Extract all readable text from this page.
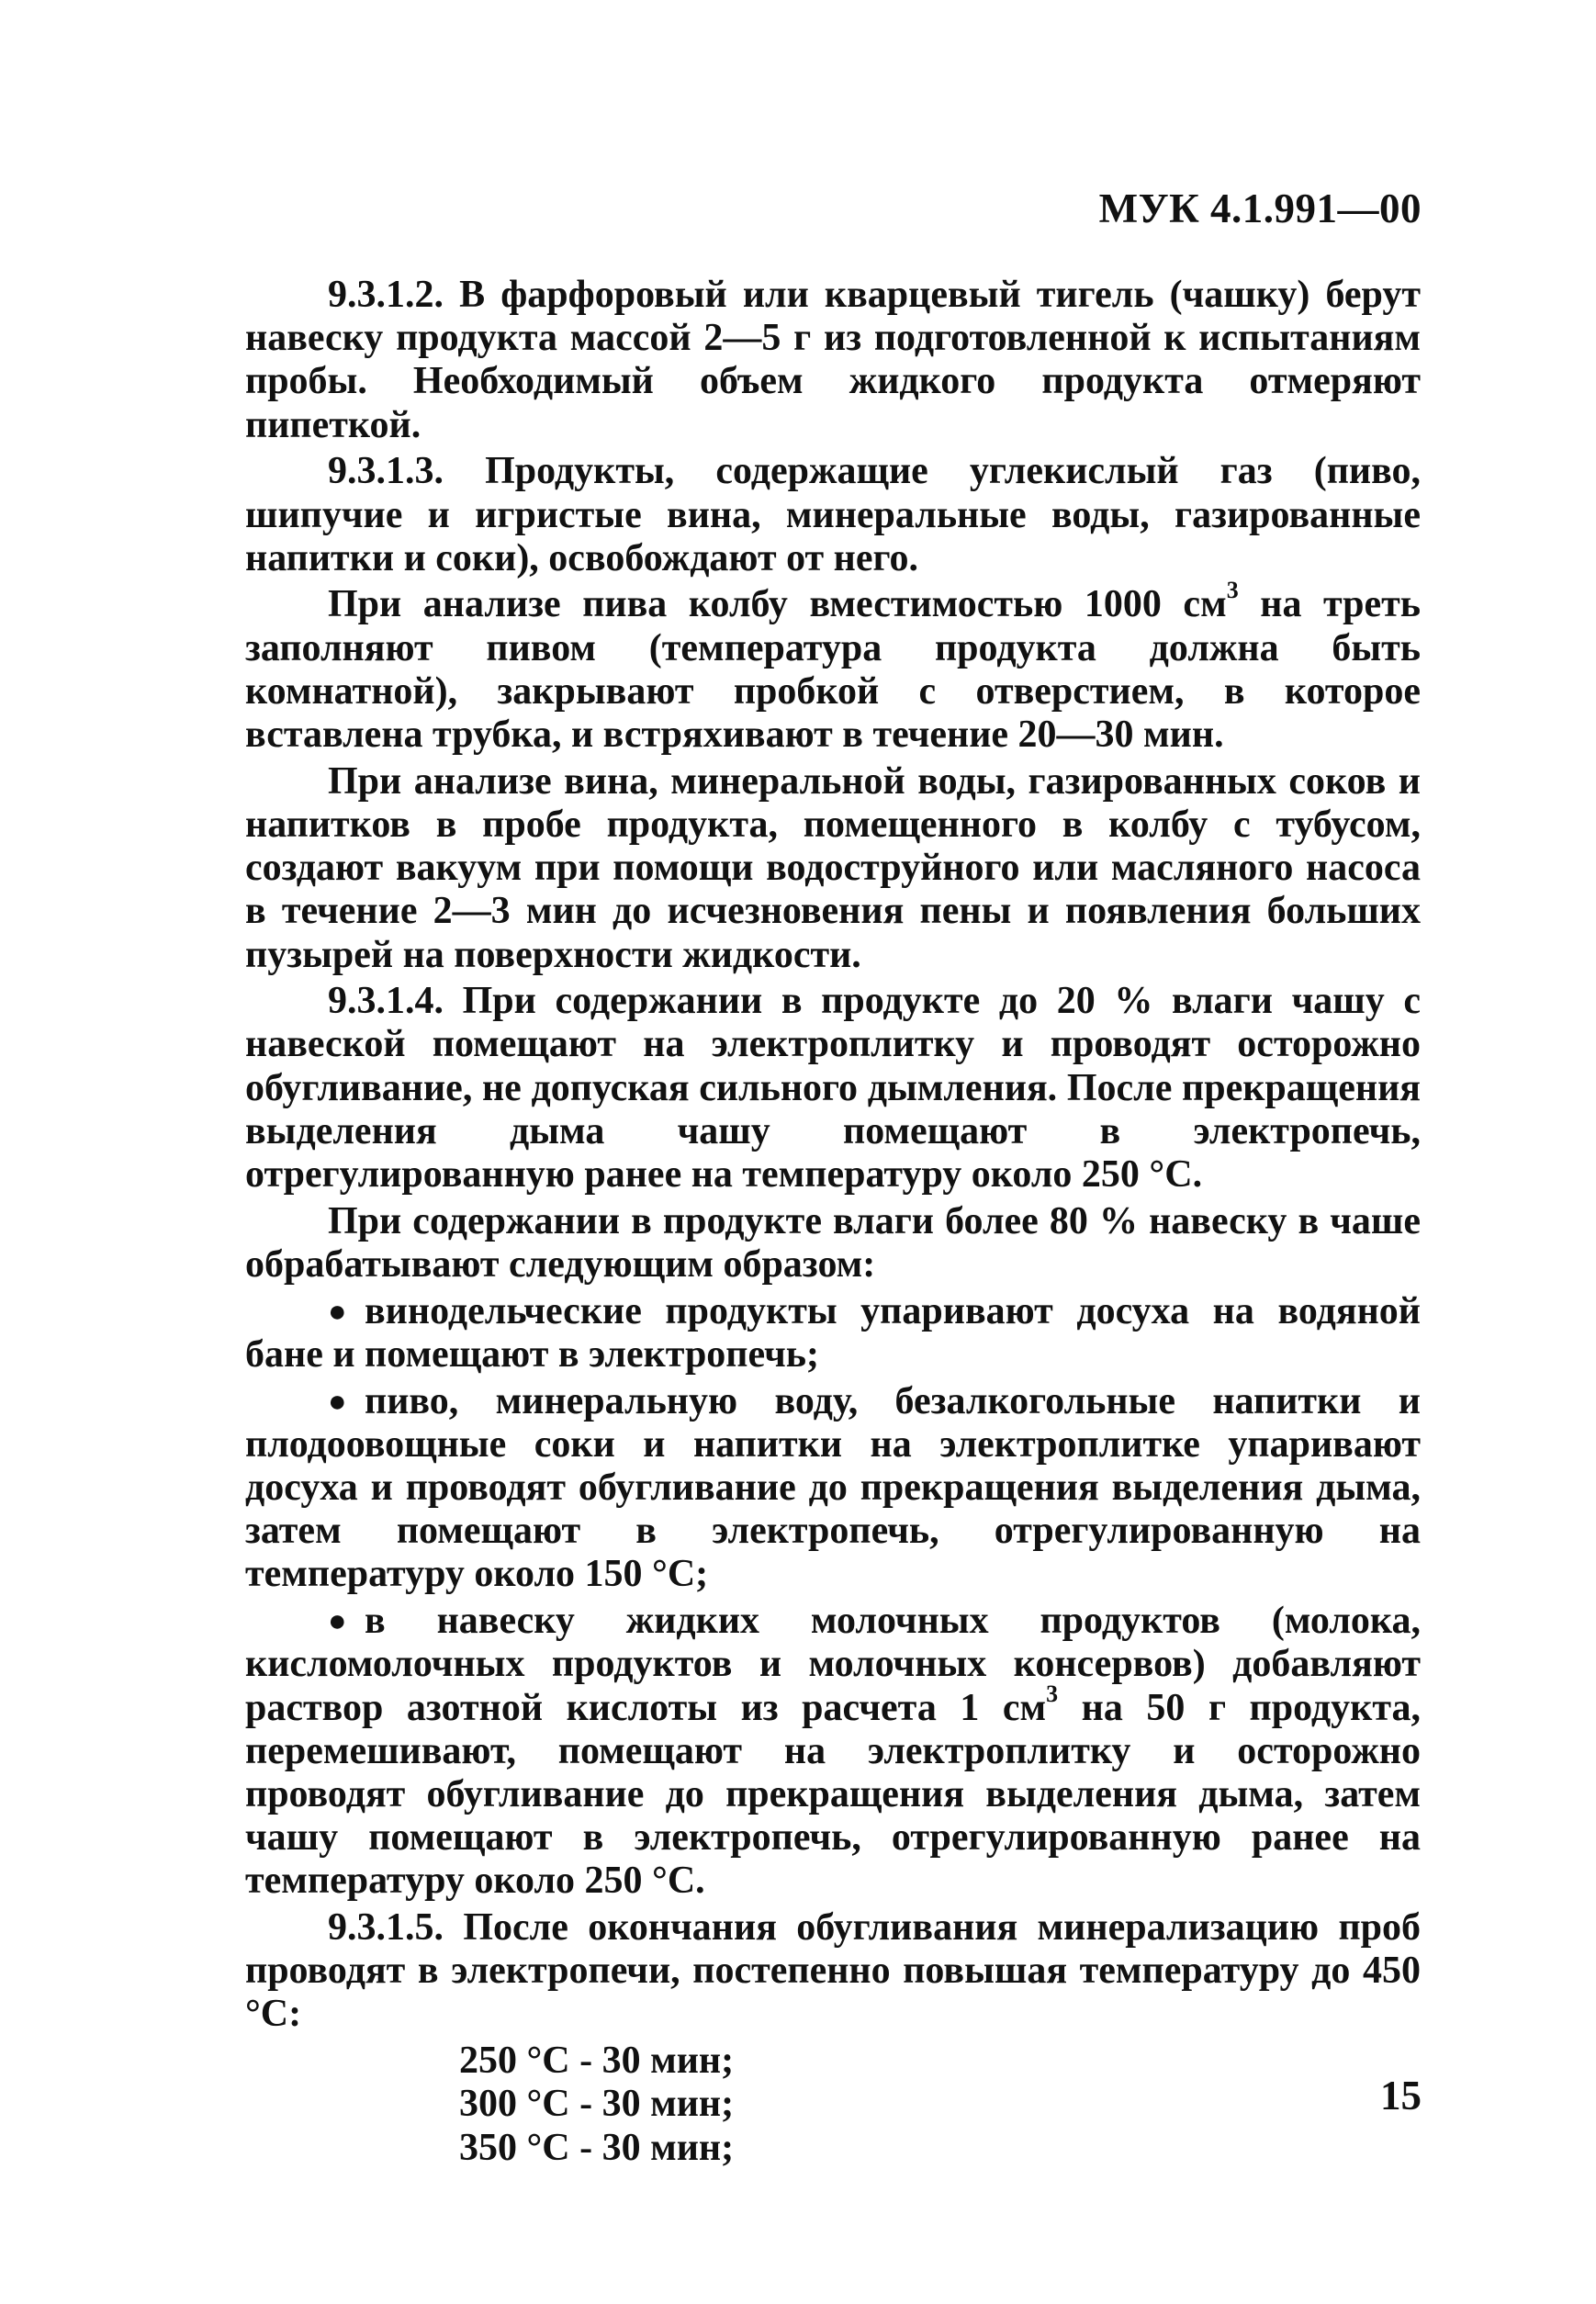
МУК 4.1.991—00

9.3.1.2. В фарфоровый или кварцевый тигель (чашку) берут навеску продукта массой 2—5 г из подготовленной к испытаниям пробы. Необходимый объем жидкого продукта отмеряют пипеткой.

9.3.1.3. Продукты, содержащие углекислый газ (пиво, шипучие и игристые вина, минеральные воды, газированные напитки и соки), освобождают от него.

При анализе пива колбу вместимостью 1000 $см^3$ на треть заполняют пивом (температура продукта должна быть комнатной), закрывают пробкой с отверстием, в которое вставлена трубка, и встряхивают в течение 20—30 мин.

При анализе вина, минеральной воды, газированных соков и напитков в пробе продукта, помещенного в колбу с тубусом, создают вакуум при помощи водоструйного или масляного насоса в течение 2—3 мин до исчезновения пены и появления больших пузырей на поверхности жидкости.

9.3.1.4. При содержании в продукте до 20 % влаги чашу с навеской помещают на электроплитку и проводят осторожно обугливание, не допуская сильного дымления. После прекращения выделения дыма чашу помещают в электропечь, отрегулированную ранее на температуру около 250 °С.

При содержании в продукте влаги более 80 % навеску в чаше обрабатывают следующим образом:

● винодельческие продукты упаривают досуха на водяной бане и помещают в электропечь;

● пиво, минеральную воду, безалкогольные напитки и плодоовощные соки и напитки на электроплитке упаривают досуха и проводят обугливание до прекращения выделения дыма, затем помещают в электропечь, отрегулированную на температуру около 150 °С;

● в навеску жидких молочных продуктов (молока, кисломолочных продуктов и молочных консервов) добавляют раствор азотной кислоты из расчета 1 $см^3$ на 50 г продукта, перемешивают, помещают на электроплитку и осторожно проводят обугливание до прекращения выделения дыма, затем чашу помещают в электропечь, отрегулированную ранее на температуру около 250 °С.

9.3.1.5. После окончания обугливания минерализацию проб проводят в электропечи, постепенно повышая температуру до 450 °С:

250 °С - 30 мин;
300 °С - 30 мин;
350 °С - 30 мин;
15
